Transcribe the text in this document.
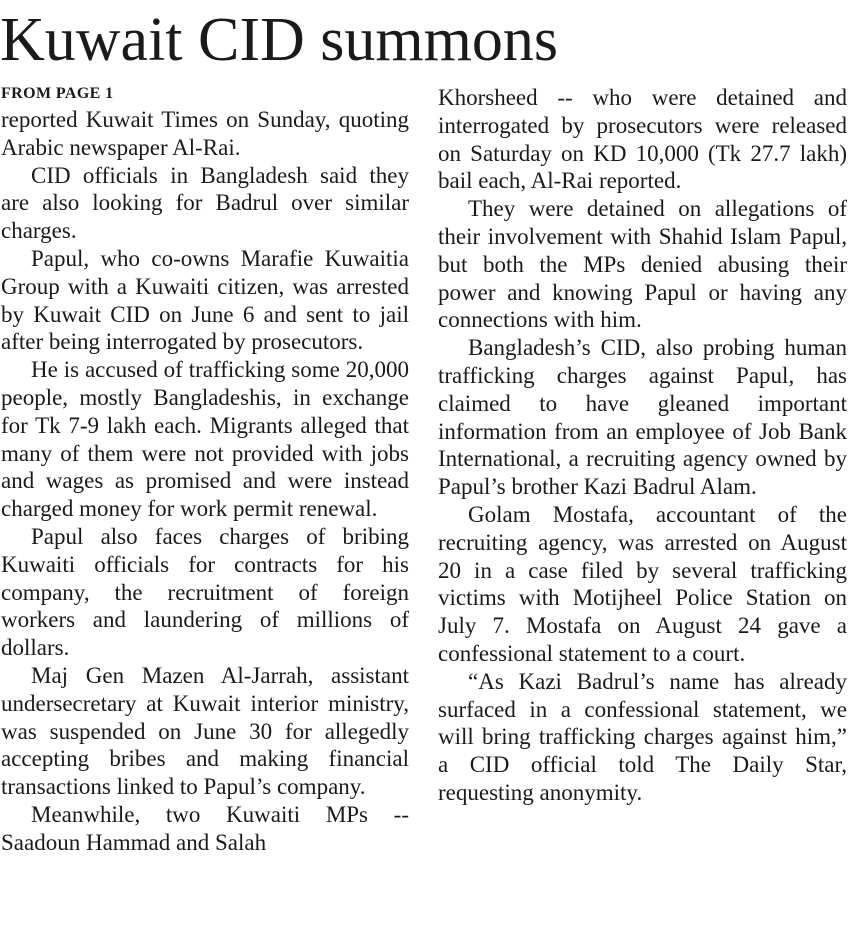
Kuwait CID summons
FROM PAGE 1

reported Kuwait Times on Sunday, quoting Arabic newspaper Al-Rai.

CID officials in Bangladesh said they are also looking for Badrul over similar charges.

Papul, who co-owns Marafie Kuwaitia Group with a Kuwaiti citizen, was arrested by Kuwait CID on June 6 and sent to jail after being interrogated by prosecutors.

He is accused of trafficking some 20,000 people, mostly Bangladeshis, in exchange for Tk 7-9 lakh each. Migrants alleged that many of them were not provided with jobs and wages as promised and were instead charged money for work permit renewal.

Papul also faces charges of bribing Kuwaiti officials for contracts for his company, the recruitment of foreign workers and laundering of millions of dollars.

Maj Gen Mazen Al-Jarrah, assistant undersecretary at Kuwait interior ministry, was suspended on June 30 for allegedly accepting bribes and making financial transactions linked to Papul’s company.

Meanwhile, two Kuwaiti MPs -- Saadoun Hammad and Salah

Khorsheed -- who were detained and interrogated by prosecutors were released on Saturday on KD 10,000 (Tk 27.7 lakh) bail each, Al-Rai reported.

They were detained on allegations of their involvement with Shahid Islam Papul, but both the MPs denied abusing their power and knowing Papul or having any connections with him.

Bangladesh’s CID, also probing human trafficking charges against Papul, has claimed to have gleaned important information from an employee of Job Bank International, a recruiting agency owned by Papul’s brother Kazi Badrul Alam.

Golam Mostafa, accountant of the recruiting agency, was arrested on August 20 in a case filed by several trafficking victims with Motijheel Police Station on July 7. Mostafa on August 24 gave a confessional statement to a court.

“As Kazi Badrul’s name has already surfaced in a confessional statement, we will bring trafficking charges against him,” a CID official told The Daily Star, requesting anonymity.
